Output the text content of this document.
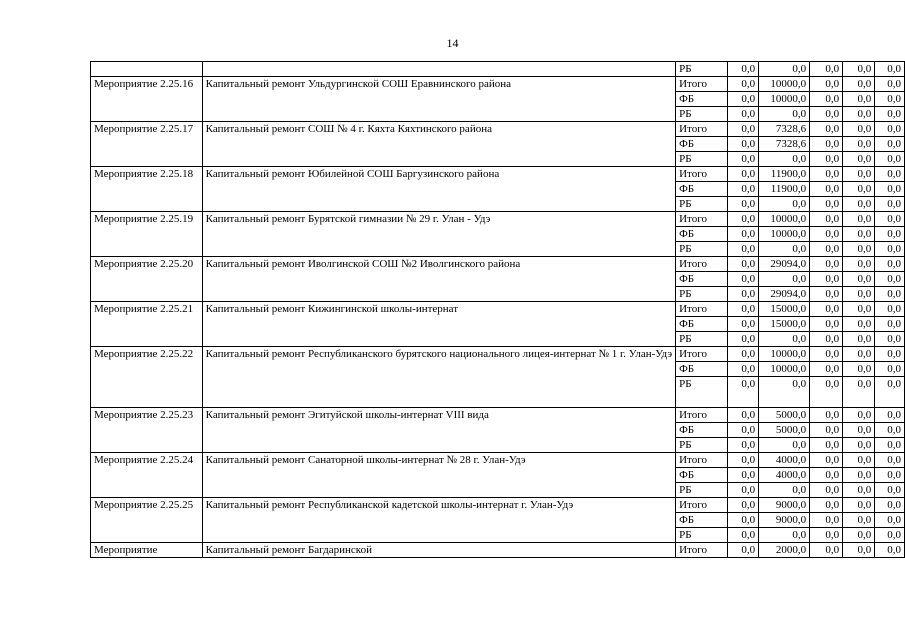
14
		РБ	0,0	0,0	0,0	0,0	0,0
Мероприятие 2.25.16	Капитальный ремонт Ульдургинской СОШ Еравнинского района	Итого	0,0	10000,0	0,0	0,0	0,0
		ФБ	0,0	10000,0	0,0	0,0	0,0
		РБ	0,0	0,0	0,0	0,0	0,0
Мероприятие 2.25.17	Капитальный ремонт СОШ № 4 г. Кяхта Кяхтинского района	Итого	0,0	7328,6	0,0	0,0	0,0
		ФБ	0,0	7328,6	0,0	0,0	0,0
		РБ	0,0	0,0	0,0	0,0	0,0
Мероприятие 2.25.18	Капитальный ремонт Юбилейной СОШ Баргузинского района	Итого	0,0	11900,0	0,0	0,0	0,0
		ФБ	0,0	11900,0	0,0	0,0	0,0
		РБ	0,0	0,0	0,0	0,0	0,0
Мероприятие 2.25.19	Капитальный ремонт Бурятской гимназии № 29 г. Улан - Удэ	Итого	0,0	10000,0	0,0	0,0	0,0
		ФБ	0,0	10000,0	0,0	0,0	0,0
		РБ	0,0	0,0	0,0	0,0	0,0
Мероприятие 2.25.20	Капитальный ремонт Иволгинской СОШ №2 Иволгинского района	Итого	0,0	29094,0	0,0	0,0	0,0
		ФБ	0,0	0,0	0,0	0,0	0,0
		РБ	0,0	29094,0	0,0	0,0	0,0
Мероприятие 2.25.21	Капитальный ремонт Кижингинской школы-интернат	Итого	0,0	15000,0	0,0	0,0	0,0
		ФБ	0,0	15000,0	0,0	0,0	0,0
		РБ	0,0	0,0	0,0	0,0	0,0
Мероприятие 2.25.22	Капитальный ремонт Республиканского бурятского национального лицея-интернат № 1 г. Улан-Удэ	Итого	0,0	10000,0	0,0	0,0	0,0
		ФБ	0,0	10000,0	0,0	0,0	0,0
		РБ	0,0	0,0	0,0	0,0	0,0
Мероприятие 2.25.23	Капитальный ремонт Эгитуйской школы-интернат VIII вида	Итого	0,0	5000,0	0,0	0,0	0,0
		ФБ	0,0	5000,0	0,0	0,0	0,0
		РБ	0,0	0,0	0,0	0,0	0,0
Мероприятие 2.25.24	Капитальный ремонт Санаторной школы-интернат № 28 г. Улан-Удэ	Итого	0,0	4000,0	0,0	0,0	0,0
		ФБ	0,0	4000,0	0,0	0,0	0,0
		РБ	0,0	0,0	0,0	0,0	0,0
Мероприятие 2.25.25	Капитальный ремонт Республиканской кадетской школы-интернат г. Улан-Удэ	Итого	0,0	9000,0	0,0	0,0	0,0
		ФБ	0,0	9000,0	0,0	0,0	0,0
		РБ	0,0	0,0	0,0	0,0	0,0
Мероприятие	Капитальный ремонт Багдаринской	Итого	0,0	2000,0	0,0	0,0	0,0
